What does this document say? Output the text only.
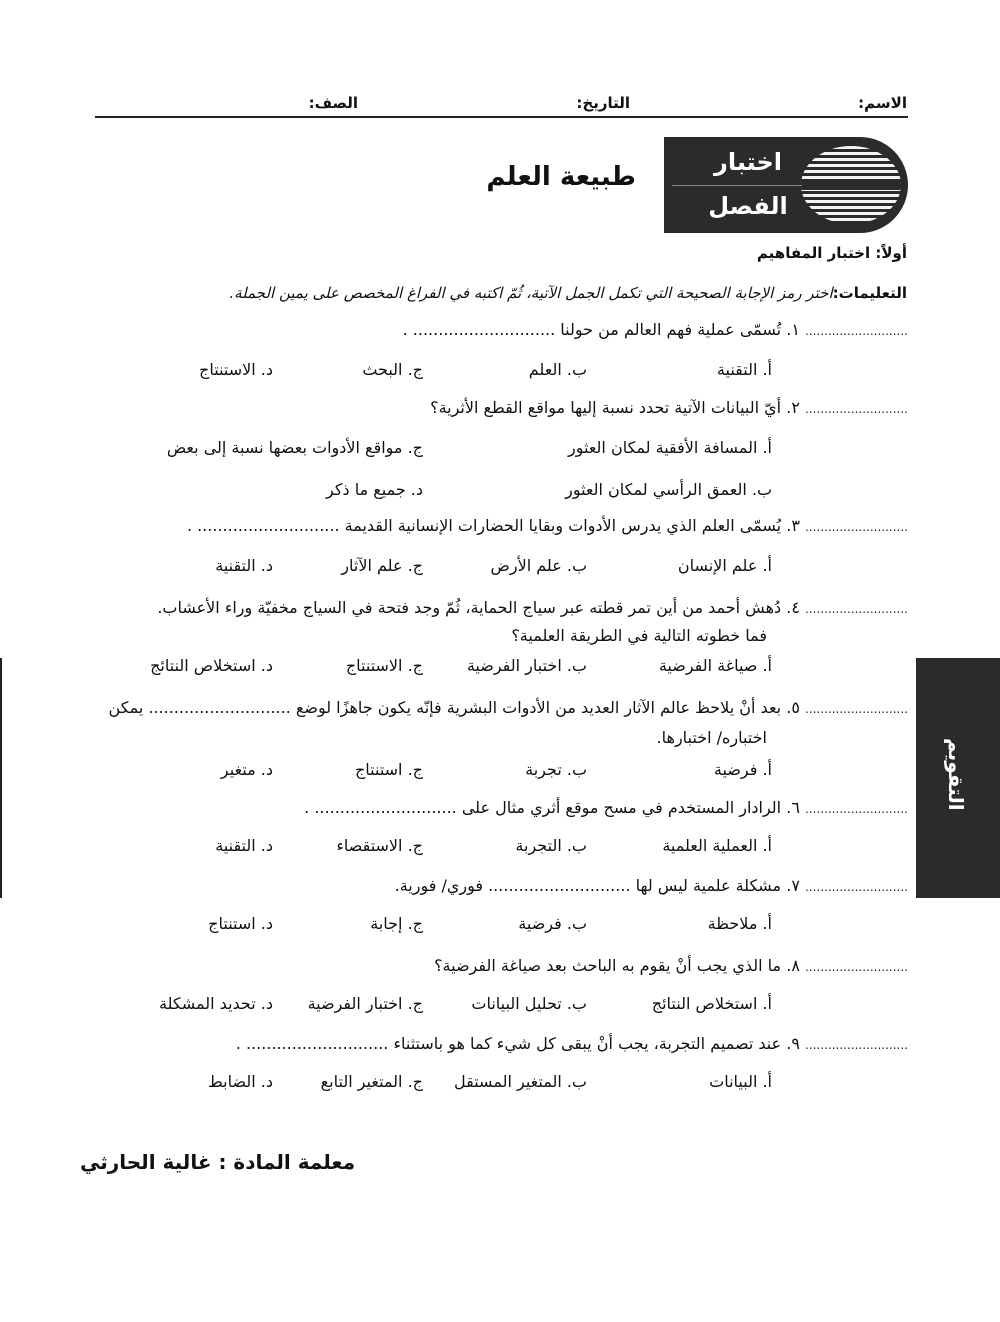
الاسم:
التاريخ:
الصف:
اختبار
الفصل
طبيعة العلم
أولاً: اختبار المفاهيم
التعليمات:اختر رمز الإجابة الصحيحة التي تكمل الجمل الآتية، ثُمّ اكتبه في الفراغ المخصص على يمين الجملة.
........................... ١. تُسمّى عملية فهم العالم من حولنا ............................ .
أ. التقنية
ب. العلم
ج. البحث
د. الاستنتاج
........................... ٢. أيّ البيانات الآتية تحدد نسبة إليها مواقع القطع الأثرية؟
أ. المسافة الأفقية لمكان العثور
ج. مواقع الأدوات بعضها نسبة إلى بعض
ب. العمق الرأسي لمكان العثور
د. جميع ما ذكر
........................... ٣. يُسمّى العلم الذي يدرس الأدوات وبقايا الحضارات الإنسانية القديمة ............................ .
أ. علم الإنسان
ب. علم الأرض
ج. علم الآثار
د. التقنية
........................... ٤. دُهش أحمد من أين تمر قطته عبر سياج الحماية، ثُمّ وجد فتحة في السياج مخفيّة وراء الأعشاب.
فما خطوته التالية في الطريقة العلمية؟
أ. صياغة الفرضية
ب. اختبار الفرضية
ج. الاستنتاج
د. استخلاص النتائج
........................... ٥. بعد أنْ يلاحظ عالم الآثار العديد من الأدوات البشرية فإنّه يكون جاهزًا لوضع ............................ يمكن
اختباره/ اختبارها.
أ. فرضية
ب. تجربة
ج. استنتاج
د. متغير
........................... ٦. الرادار المستخدم في مسح موقع أثري مثال على ............................ .
أ. العملية العلمية
ب. التجربة
ج. الاستقصاء
د. التقنية
........................... ٧. مشكلة علمية ليس لها ............................ فوري/ فورية.
أ. ملاحظة
ب. فرضية
ج. إجابة
د. استنتاج
........................... ٨. ما الذي يجب أنْ يقوم به الباحث بعد صياغة الفرضية؟
أ. استخلاص النتائج
ب. تحليل البيانات
ج. اختبار الفرضية
د. تحديد المشكلة
........................... ٩. عند تصميم التجربة، يجب أنْ يبقى كل شيء كما هو باستثناء ............................ .
أ. البيانات
ب. المتغير المستقل
ج. المتغير التابع
د. الضابط
التقويم
معلمة المادة : غالية الحارثي
